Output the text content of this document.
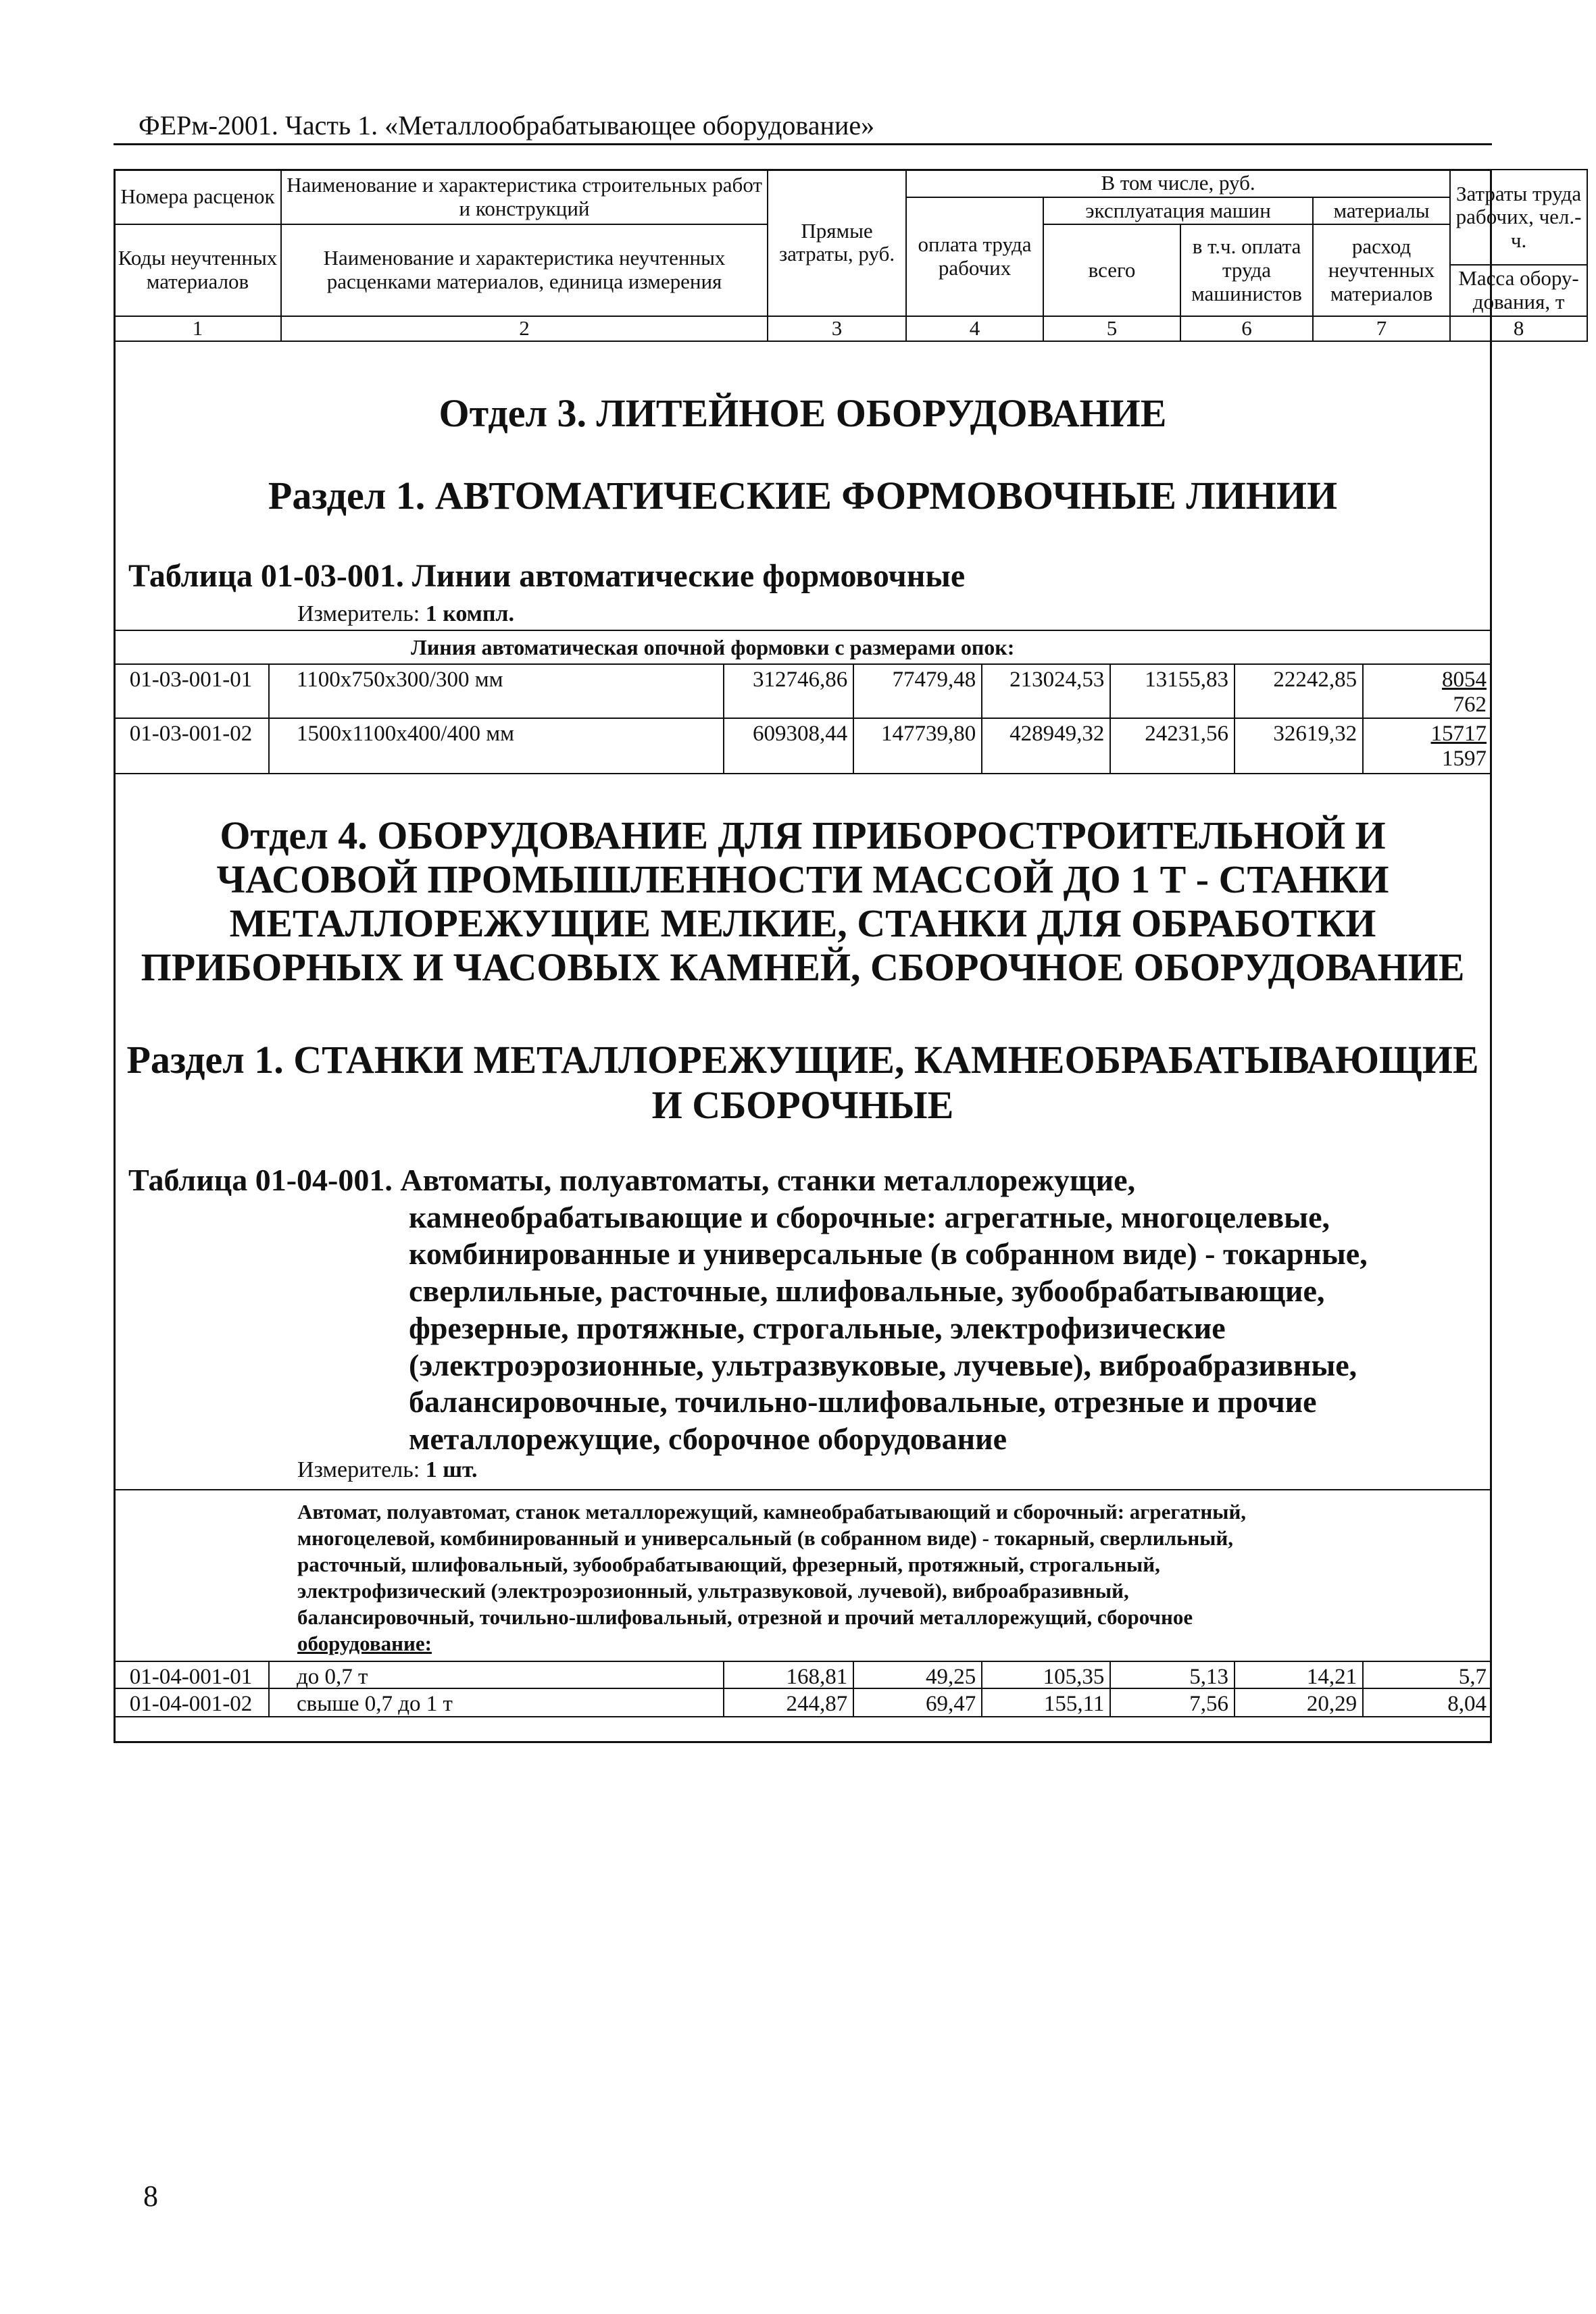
ФЕРм-2001. Часть 1. «Металлообрабатывающее оборудование»
Номера расценок	Наименование и характеристика строительных работ и конструкций	Прямые затраты, руб.	В том числе, руб.				Затраты труда рабочих, чел.-ч.
			оплата труда рабочих	эксплуатация машин		материалы	
Коды неучтенных материалов	Наименование и характеристика неучтенных расценками материалов, единица измерения			всего	в т.ч. оплата труда машинистов	расход неучтенных материалов	
							Масса обору-дования, т
1	2	3	4	5	6	7	8
Отдел 3. ЛИТЕЙНОЕ ОБОРУДОВАНИЕ
Раздел 1. АВТОМАТИЧЕСКИЕ ФОРМОВОЧНЫЕ ЛИНИИ
Таблица 01-03-001. Линии автоматические формовочные
Измеритель: 1 компл.
Линия автоматическая опочной формовки с размерами опок:
01-03-001-01	1100х750х300/300 мм	312746,86	77479,48	213024,53	13155,83	22242,85	8054
762
01-03-001-02	1500х1100х400/400 мм	609308,44	147739,80	428949,32	24231,56	32619,32	15717
1597
Отдел 4. ОБОРУДОВАНИЕ ДЛЯ ПРИБОРОСТРОИТЕЛЬНОЙ И
ЧАСОВОЙ ПРОМЫШЛЕННОСТИ МАССОЙ ДО 1 Т - СТАНКИ
МЕТАЛЛОРЕЖУЩИЕ МЕЛКИЕ, СТАНКИ ДЛЯ ОБРАБОТКИ
ПРИБОРНЫХ И ЧАСОВЫХ КАМНЕЙ, СБОРОЧНОЕ ОБОРУДОВАНИЕ
Раздел 1. СТАНКИ МЕТАЛЛОРЕЖУЩИЕ, КАМНЕОБРАБАТЫВАЮЩИЕ
И СБОРОЧНЫЕ
Таблица 01-04-001. Автоматы, полуавтоматы, станки металлорежущие,
камнеобрабатывающие и сборочные: агрегатные, многоцелевые,
комбинированные и универсальные (в собранном виде) - токарные,
сверлильные, расточные, шлифовальные, зубообрабатывающие,
фрезерные, протяжные, строгальные, электрофизические
(электроэрозионные, ультразвуковые, лучевые), виброабразивные,
балансировочные, точильно-шлифовальные, отрезные и прочие
металлорежущие, сборочное оборудование
Измеритель: 1 шт.
Автомат, полуавтомат, станок металлорежущий, камнеобрабатывающий и сборочный: агрегатный,
многоцелевой, комбинированный и универсальный (в собранном виде) - токарный, сверлильный,
расточный, шлифовальный, зубообрабатывающий, фрезерный, протяжный, строгальный,
электрофизический (электроэрозионный, ультразвуковой, лучевой), виброабразивный,
балансировочный, точильно-шлифовальный, отрезной и прочий металлорежущий, сборочное
оборудование:
01-04-001-01	до 0,7 т	168,81	49,25	105,35	5,13	14,21	5,7
01-04-001-02	свыше 0,7 до 1 т	244,87	69,47	155,11	7,56	20,29	8,04
8
